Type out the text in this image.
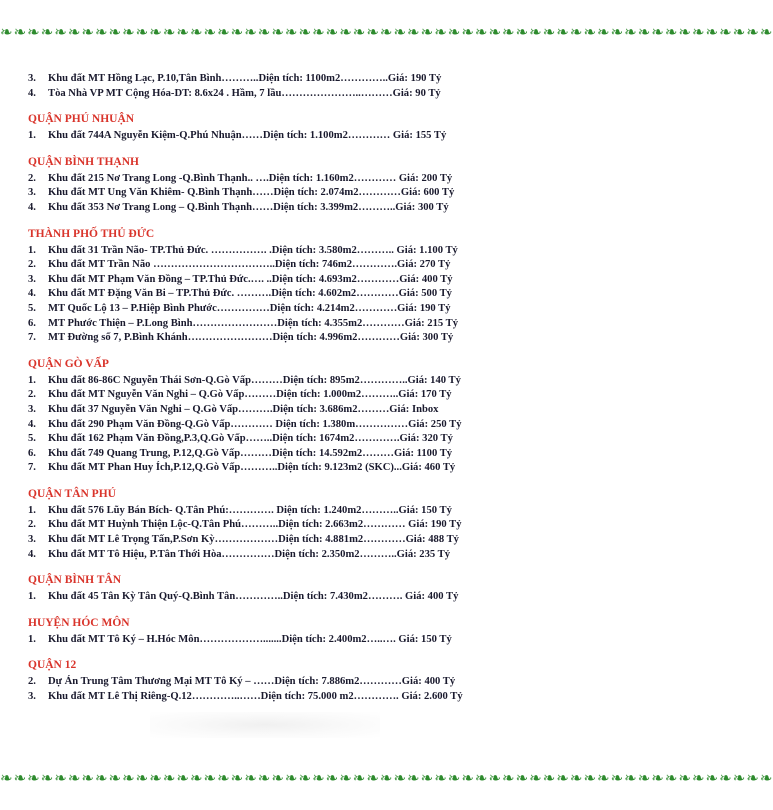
❧❧❧❧❧❧❧❧❧❧❧❧❧❧❧❧❧❧❧❧❧❧❧❧❧❧❧❧❧❧❧❧❧❧❧❧❧❧❧❧❧❧❧❧❧❧❧❧❧❧❧❧❧❧❧❧❧
3.	Khu đất MT Hồng Lạc, P.10,Tân Bình………..Diện tích: 1100m2…………..Giá: 190 Tỷ
4.	Tòa Nhà VP MT Cộng Hóa-DT: 8.6x24 . Hầm, 7 lầu…………………..………Giá: 90 Tỷ
QUẬN PHÚ NHUẬN
1.	Khu đất 744A Nguyễn Kiệm-Q.Phú Nhuận……Diện tích: 1.100m2………… Giá: 155 Tỷ
QUẬN BÌNH THẠNH
2.	Khu đất 215 Nơ Trang Long -Q.Bình Thạnh.. ….Diện tích: 1.160m2………… Giá: 200 Tỷ
3.	Khu đất MT Ung Văn Khiêm- Q.Bình Thạnh……Diện tích: 2.074m2…………Giá: 600 Tỷ
4.	Khu đất 353 Nơ Trang Long – Q.Bình Thạnh……Diện tích: 3.399m2………..Giá: 300 Tỷ
THÀNH PHỐ THỦ ĐỨC
1.	Khu đất 31 Trần Não- TP.Thủ Đức. ……………. .Diện tích: 3.580m2……….. Giá: 1.100 Tỷ
2.	Khu đất MT Trần Não ……………………………..Diện tích: 746m2………….Giá: 270 Tỷ
3.	Khu đất MT Phạm Văn Đồng – TP.Thủ Đức.…. ..Diện tích: 4.693m2…………Giá: 400 Tỷ
4.	Khu đất MT Đặng Văn Bi – TP.Thủ Đức. ……….Diện tích: 4.602m2…………Giá: 500 Tỷ
5.	MT Quốc Lộ 13 – P.Hiệp Bình Phước……………Diện tích: 4.214m2…………Giá: 190 Tỷ
6.	MT Phước Thiện – P.Long Bình……………………Diện tích: 4.355m2…………Giá: 215 Tỷ
7.	MT Đường số 7, P.Bình Khánh……………………Diện tích: 4.996m2…………Giá: 300 Tỷ
QUẬN GÒ VẤP
1.	Khu đất 86-86C Nguyễn Thái Sơn-Q.Gò Vấp………Diện tích: 895m2…………..Giá: 140 Tỷ
2.	Khu đất MT Nguyễn Văn Nghi – Q.Gò Vấp………Diện tích: 1.000m2………..Giá: 170 Tỷ
3.	Khu đất 37 Nguyễn Văn Nghi – Q.Gò Vấp……….Diện tích: 3.686m2………Giá: Inbox
4.	Khu đất 290 Phạm Văn Đồng-Q.Gò Vấp………… Diện tích: 1.380m……………Giá: 250 Tỷ
5.	Khu đất 162 Phạm Văn Đồng,P.3,Q.Gò Vấp……..Diện tích: 1674m2………….Giá: 320 Tỷ
6.	Khu đất 749 Quang Trung, P.12,Q.Gò Vấp………Diện tích: 14.592m2………Giá: 1100 Tỷ
7.	Khu đất MT Phan Huy Ích,P.12,Q.Gò Vấp………..Diện tích: 9.123m2 (SKC)...Giá: 460 Tỷ
QUẬN TÂN PHÚ
1.	Khu đất 576 Lũy Bán Bích- Q.Tân Phú:…………. Diện tích: 1.240m2………..Giá: 150 Tỷ
2.	Khu đất MT Huỳnh Thiện Lộc-Q.Tân Phú………..Diện tích: 2.663m2………… Giá: 190 Tỷ
3.	Khu đất MT Lê Trọng Tấn,P.Sơn Kỳ………………Diện tích: 4.881m2…………Giá: 488 Tỷ
4.	Khu đất MT Tô Hiệu, P.Tân Thới Hòa……………Diện tích: 2.350m2………..Giá: 235 Tỷ
QUẬN BÌNH TÂN
1.	Khu đất 45 Tân Kỳ Tân Quý-Q.Bình Tân…………..Diện tích: 7.430m2………. Giá: 400 Tỷ
HUYỆN HÓC MÔN
1.	Khu đất MT Tô Ký – H.Hóc Môn……………….......Diện tích: 2.400m2…..…. Giá: 150 Tỷ
QUẬN 12
2.	Dự Án Trung Tâm Thương Mại MT Tô Ký – ……Diện tích: 7.886m2…………Giá: 400 Tỷ
3.	Khu đất MT Lê Thị Riêng-Q.12…………..……Diện tích: 75.000 m2…………. Giá: 2.600 Tỷ
❧❧❧❧❧❧❧❧❧❧❧❧❧❧❧❧❧❧❧❧❧❧❧❧❧❧❧❧❧❧❧❧❧❧❧❧❧❧❧❧❧❧❧❧❧❧❧❧❧❧❧❧❧❧❧❧❧
